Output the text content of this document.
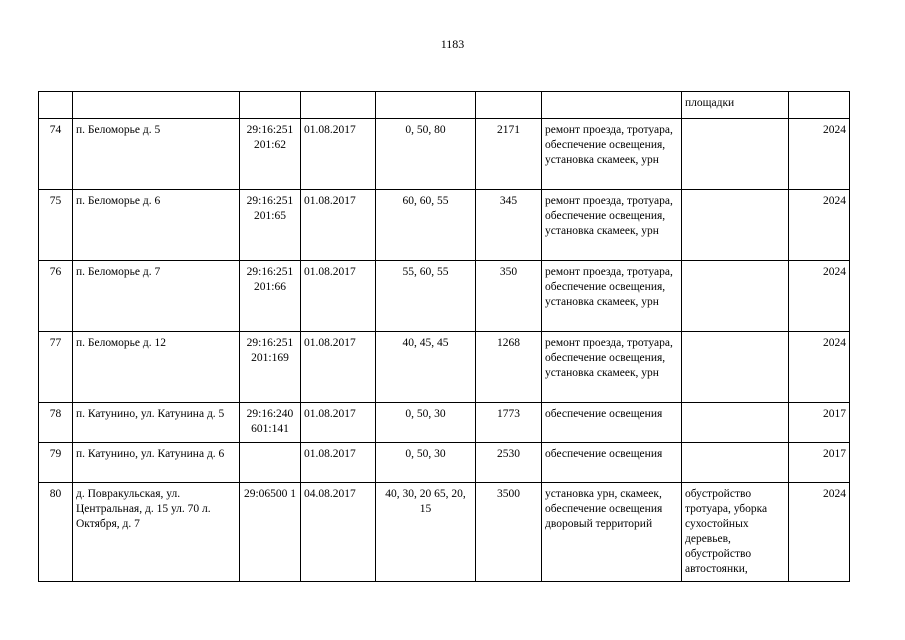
1183
							площадки	
74	п. Беломорье д. 5	29:16:251 201:62	01.08.2017	0, 50, 80	2171	ремонт проезда, тротуара, обеспечение освещения, установка скамеек, урн		2024
75	п. Беломорье д. 6	29:16:251 201:65	01.08.2017	60, 60, 55	345	ремонт проезда, тротуара, обеспечение освещения, установка скамеек, урн		2024
76	п. Беломорье д. 7	29:16:251 201:66	01.08.2017	55, 60, 55	350	ремонт проезда, тротуара, обеспечение освещения, установка скамеек, урн		2024
77	п. Беломорье д. 12	29:16:251 201:169	01.08.2017	40, 45, 45	1268	ремонт проезда, тротуара, обеспечение освещения, установка скамеек, урн		2024
78	п. Катунино, ул. Катунина д. 5	29:16:240 601:141	01.08.2017	0, 50, 30	1773	обеспечение освещения		2017
79	п. Катунино, ул. Катунина д. 6		01.08.2017	0, 50, 30	2530	обеспечение освещения		2017
80	д. Повракульская, ул. Центральная, д. 15 ул. 70 л. Октября, д. 7	29:06500 1	04.08.2017	40, 30, 20 65, 20, 15	3500	установка урн, скамеек, обеспечение освещения дворовый территорий	обустройство тротуара, уборка сухостойных деревьев, обустройство автостоянки,	2024
